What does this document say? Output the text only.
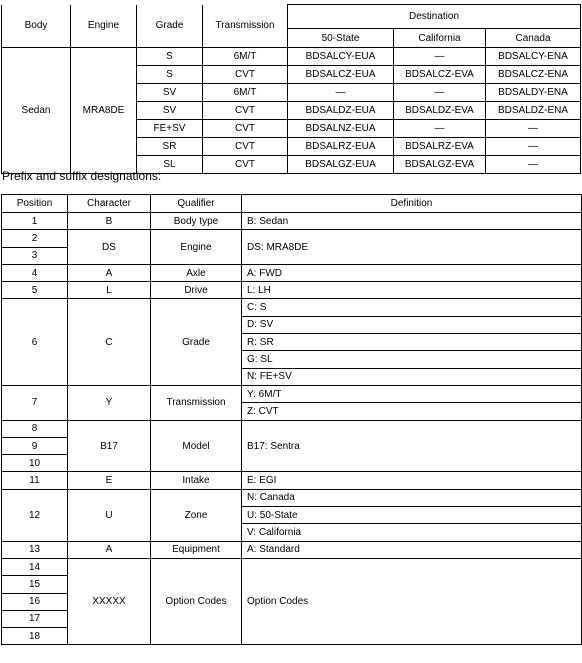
Body	Engine	Grade	Transmission	Destination		
				50-State	California	Canada
Sedan	MRA8DE	S	6M/T	BDSALCY-EUA	—	BDSALCY-ENA
		S	CVT	BDSALCZ-EUA	BDSALCZ-EVA	BDSALCZ-ENA
		SV	6M/T	—	—	BDSALDY-ENA
		SV	CVT	BDSALDZ-EUA	BDSALDZ-EVA	BDSALDZ-ENA
		FE+SV	CVT	BDSALNZ-EUA	—	—
		SR	CVT	BDSALRZ-EUA	BDSALRZ-EVA	—
		SL	CVT	BDSALGZ-EUA	BDSALGZ-EVA	—
Prefix and suffix designations:
Position	Character	Qualifier	Definition
1	B	Body type	B: Sedan
2	DS	Engine	DS: MRA8DE
3			
4	A	Axle	A: FWD
5	L	Drive	L: LH
6	C	Grade	C: S
			D: SV
			R: SR
			G: SL
			N: FE+SV
7	Y	Transmission	Y: 6M/T
			Z: CVT
8	B17	Model	B17: Sentra
9			
10			
11	E	Intake	E: EGI
12	U	Zone	N: Canada
			U: 50-State
			V: California
13	A	Equipment	A: Standard
14	XXXXX	Option Codes	Option Codes
15			
16			
17			
18			
